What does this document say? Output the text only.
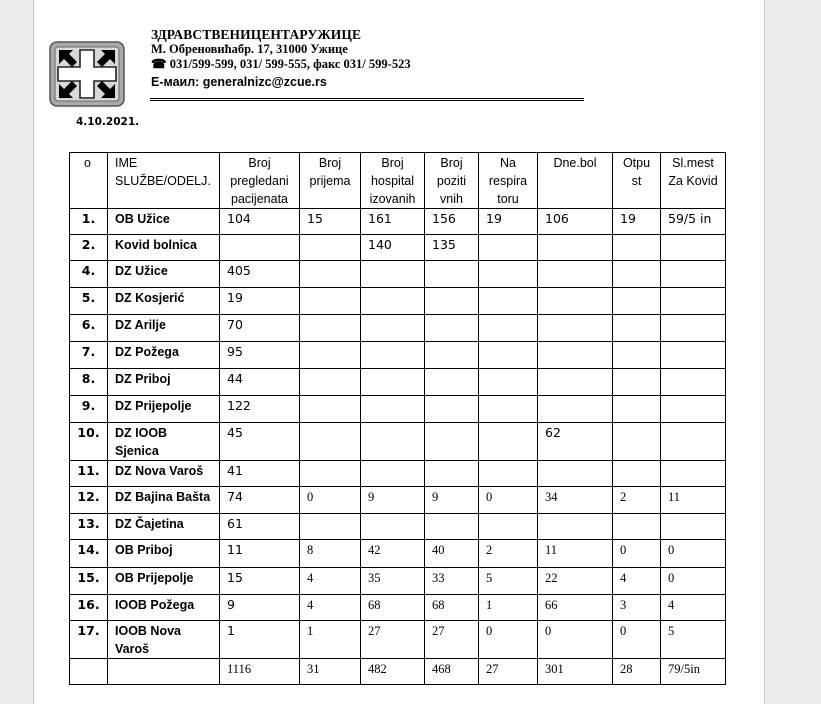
ЗДРАВСТВЕНИЦЕНТАРУЖИЦЕ
М. Обреновићабр. 17, 31000 Ужице
☎ 031/599-599, 031/ 599-555, факс 031/ 599-523
Е-маил: generalnizc@zcue.rs
4.10.2021.
o	IME SLUŽBE/ODELJ.	Broj pregledani pacijenata	Broj prijema	Broj hospital izovanih	Broj poziti vnih	Na respira toru	Dne.bol	Otpu st	Sl.mest Za Kovid
1.	OB Užice	104	15	161	156	19	106	19	59/5 in
2.	Kovid bolnica			140	135				
4.	DZ Užice	405							
5.	DZ Kosjerić	19							
6.	DZ Arilje	70							
7.	DZ Požega	95							
8.	DZ Priboj	44							
9.	DZ Prijepolje	122							
10.	DZ IOOB Sjenica	45					62		
11.	DZ Nova Varoš	41							
12.	DZ Bajina Bašta	74	0	9	9	0	34	2	11
13.	DZ Čajetina	61							
14.	OB Priboj	11	8	42	40	2	11	0	0
15.	OB Prijepolje	15	4	35	33	5	22	4	0
16.	IOOB Požega	9	4	68	68	1	66	3	4
17.	IOOB Nova Varoš	1	1	27	27	0	0	0	5
		1116	31	482	468	27	301	28	79/5in
